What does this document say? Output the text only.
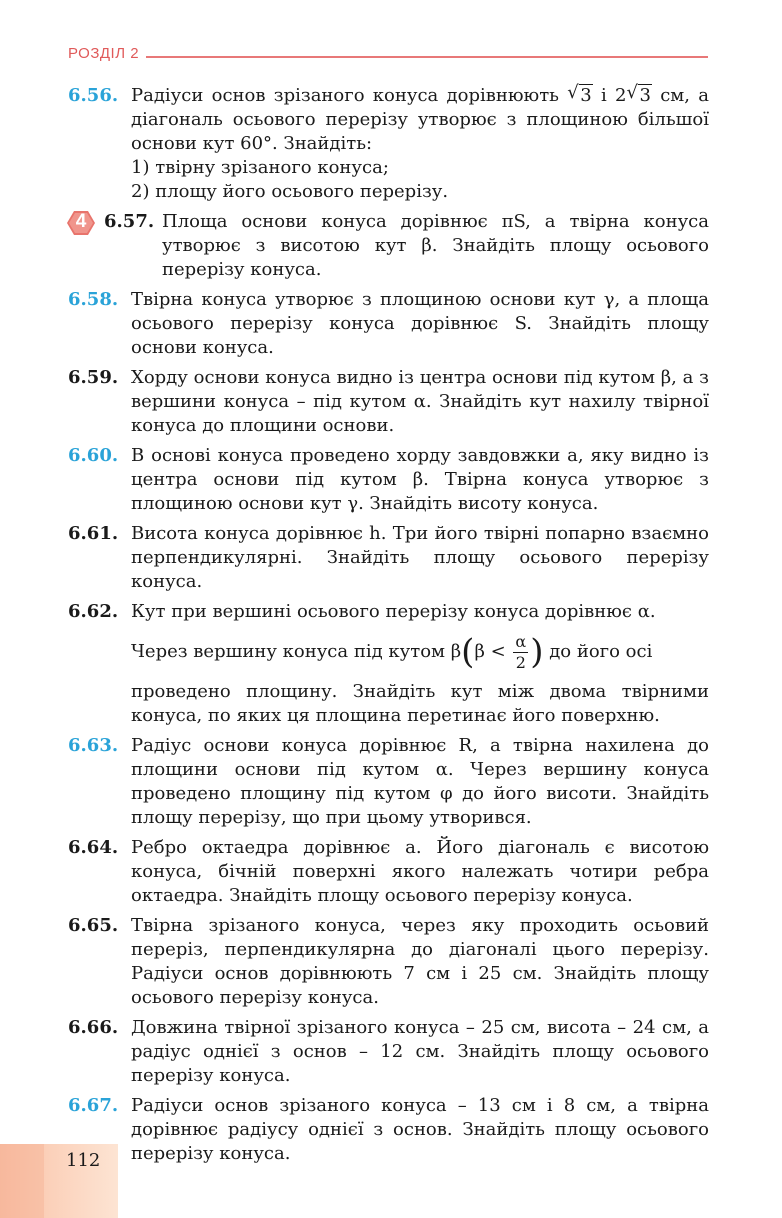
РОЗДІЛ 2
6.56. Радіуси основ зрізаного конуса дорівнюють √ 3 і 2 √ 3 см, а діагональ осьового перерізу утворює з площиною більшої основи кут 60°. Знайдіть:

1) твірну зрізаного конуса;

2) площу його осьового перерізу.

4 6.57. Площа основи конуса дорівнює πS, а твірна конуса утворює з висотою кут β. Знайдіть площу осьового перерізу конуса.

6.58. Твірна конуса утворює з площиною основи кут γ, а площа осьового перерізу конуса дорівнює S. Знайдіть площу основи конуса.

6.59. Хорду основи конуса видно із центра основи під кутом β, а з вершини конуса – під кутом α. Знайдіть кут нахилу твірної конуса до площини основи.

6.60. В основі конуса проведено хорду завдовжки a, яку видно із центра основи під кутом β. Твірна конуса утворює з площиною основи кут γ. Знайдіть висоту конуса.

6.61. Висота конуса дорівнює h. Три його твірні попарно взаємно перпендикулярні. Знайдіть площу осьового перерізу конуса.

6.62. Кут при вершині осьового перерізу конуса дорівнює α.

Через вершину конуса під кутом $\beta(\beta < \frac{\alpha}{2}$ ) до його осі

проведено площину. Знайдіть кут між двома твірними конуса, по яких ця площина перетинає його поверхню.

6.63. Радіус основи конуса дорівнює R, а твірна нахилена до площини основи під кутом α. Через вершину конуса проведено площину під кутом φ до його висоти. Знайдіть площу перерізу, що при цьому утворився.

6.64. Ребро октаедра дорівнює a. Його діагональ є висотою конуса, бічній поверхні якого належать чотири ребра октаедра. Знайдіть площу осьового перерізу конуса.

6.65. Твірна зрізаного конуса, через яку проходить осьовий переріз, перпендикулярна до діагоналі цього перерізу. Радіуси основ дорівнюють 7 см і 25 см. Знайдіть площу осьового перерізу конуса.

6.66. Довжина твірної зрізаного конуса – 25 см, висота – 24 см, а радіус однієї з основ – 12 см. Знайдіть площу осьового перерізу конуса.

6.67. Радіуси основ зрізаного конуса – 13 см і 8 см, а твірна дорівнює радіусу однієї з основ. Знайдіть площу осьового перерізу конуса.

112
